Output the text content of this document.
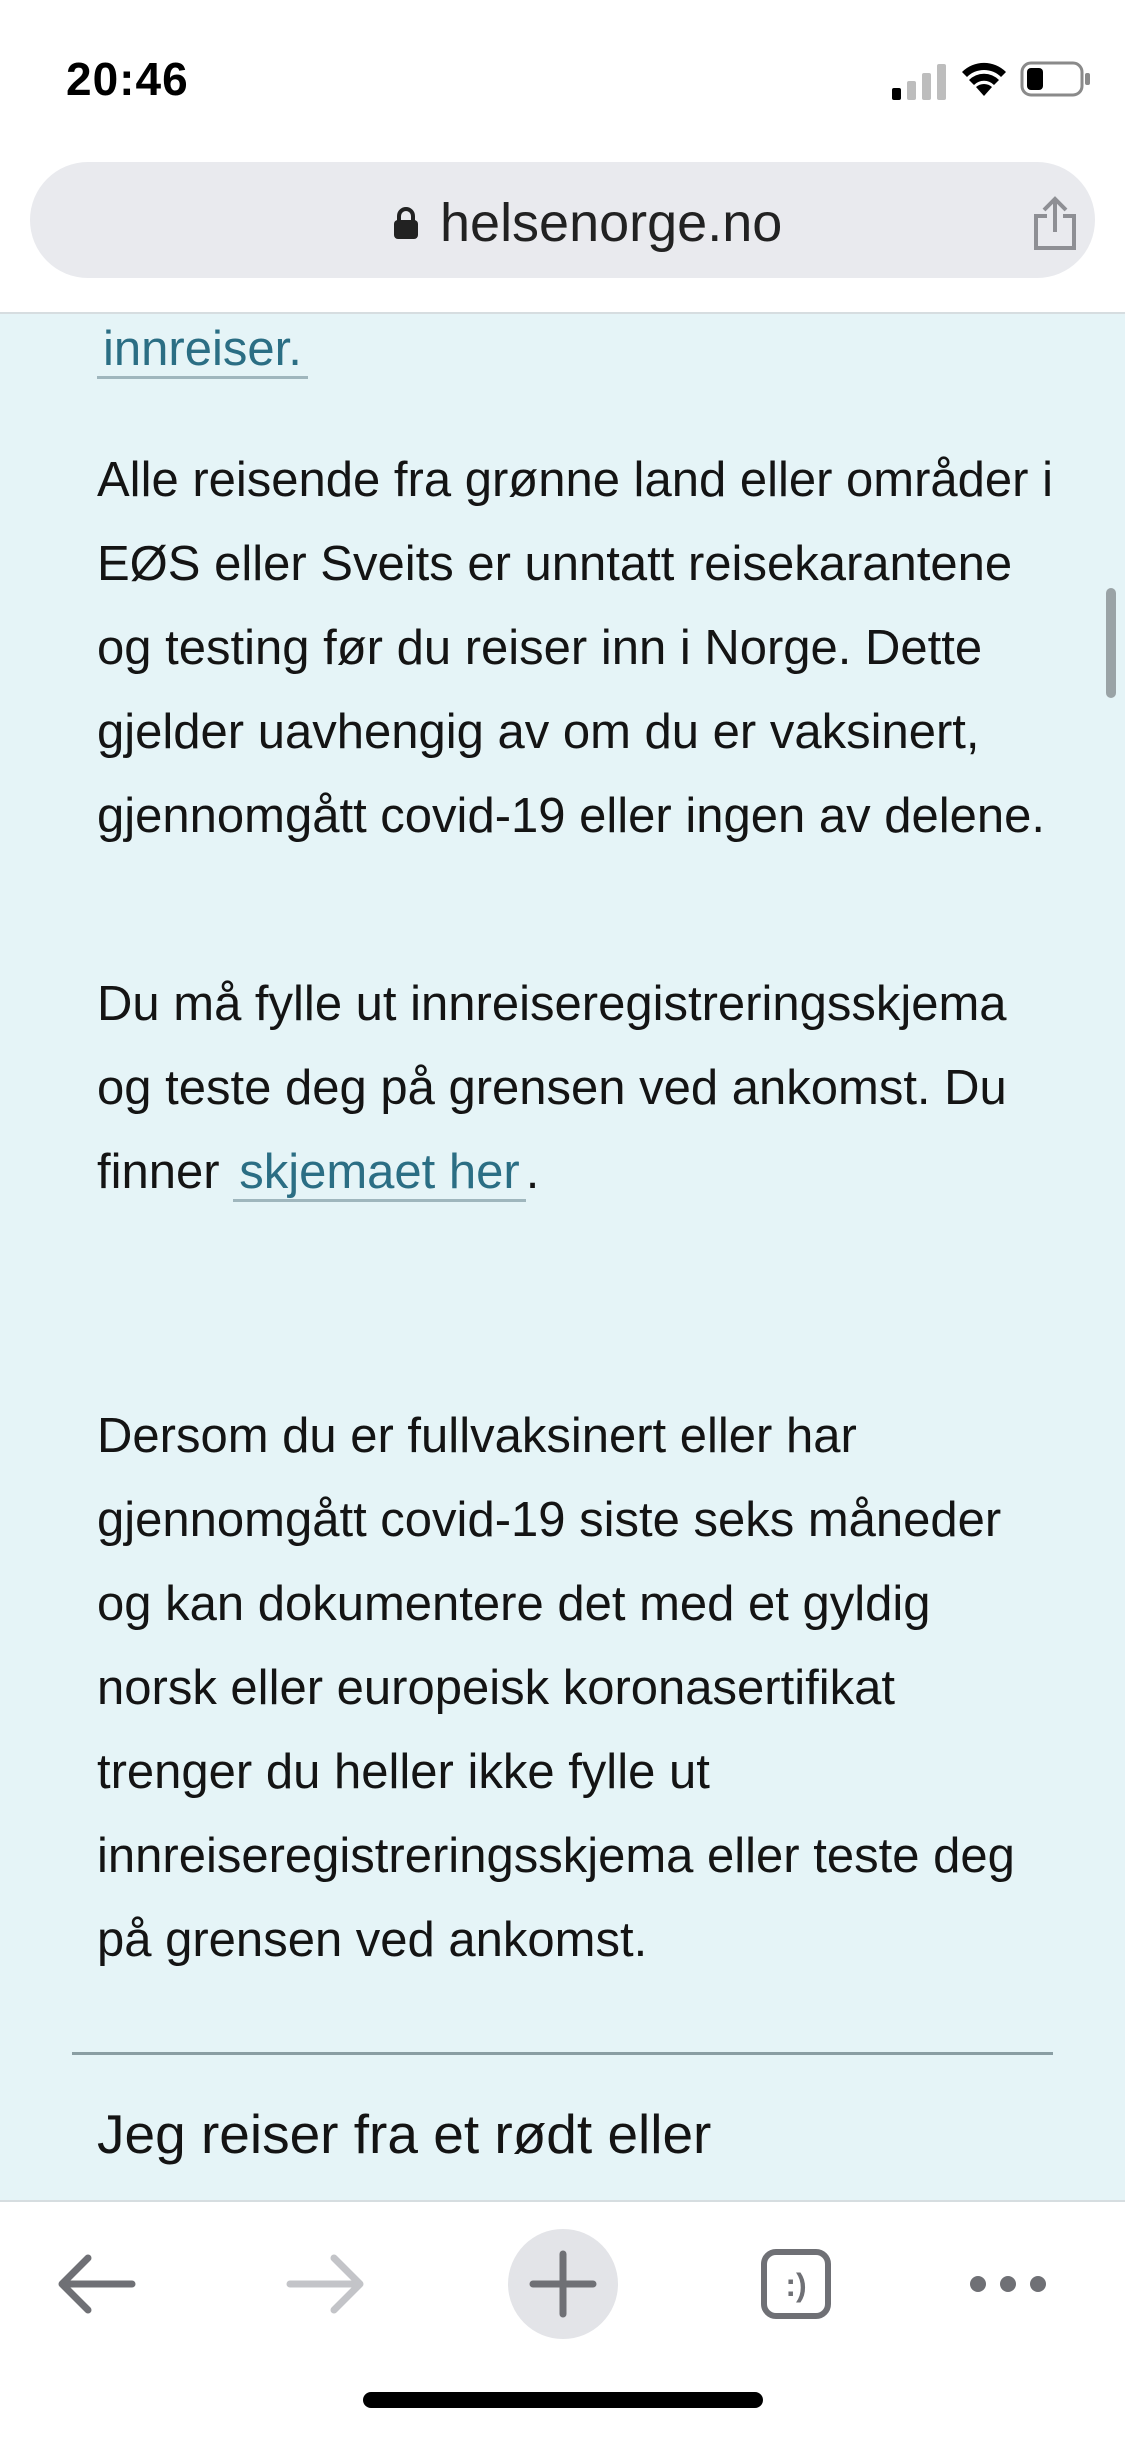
20:46
helsenorge.no
innreiser.
Alle reisende fra grønne land eller områder i EØS eller Sveits er unntatt reisekarantene og testing før du reiser inn i Norge. Dette gjelder uavhengig av om du er vaksinert, gjennomgått covid-19 eller ingen av delene.
Du må fylle ut innreiseregistreringsskjema og teste deg på grensen ved ankomst. Du finner skjemaet her .
Dersom du er fullvaksinert eller har gjennomgått covid-19 siste seks måneder og kan dokumentere det med et gyldig norsk eller europeisk koronasertifikat trenger du heller ikke fylle ut innreiseregistreringsskjema eller teste deg på grensen ved ankomst.
Jeg reiser fra et rødt eller
:)
